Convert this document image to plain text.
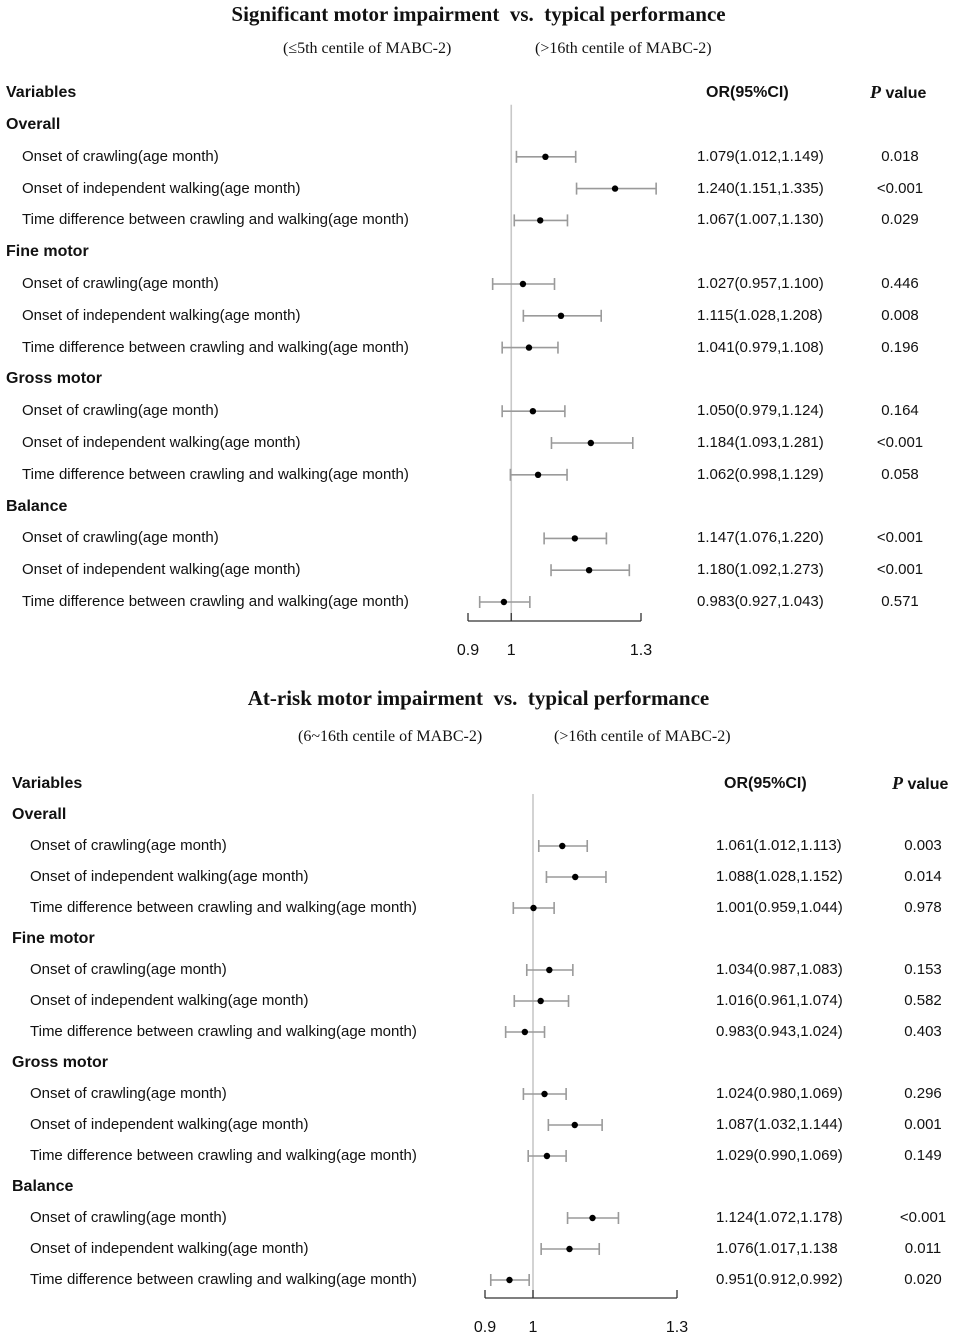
Significant motor impairment  vs.  typical performance
(≤5th centile of MABC-2)	(>16th centile of MABC-2)
Variables	OR(95%CI)	P value
0.9 1	1.3
Overall
Onset of crawling(age month)	1.079(1.012,1.149)	0.018
Onset of independent walking(age month)	1.240(1.151,1.335)	<0.001
Time difference between crawling and walking(age month)	1.067(1.007,1.130)	0.029
Fine motor
Onset of crawling(age month)	1.027(0.957,1.100)	0.446
Onset of independent walking(age month)	1.115(1.028,1.208)	0.008
Time difference between crawling and walking(age month)	1.041(0.979,1.108)	0.196
Gross motor
Onset of crawling(age month)	1.050(0.979,1.124)	0.164
Onset of independent walking(age month)	1.184(1.093,1.281)	<0.001
Time difference between crawling and walking(age month)	1.062(0.998,1.129)	0.058
Balance
Onset of crawling(age month)	1.147(1.076,1.220)	<0.001
Onset of independent walking(age month)	1.180(1.092,1.273)	<0.001
Time difference between crawling and walking(age month)	0.983(0.927,1.043)	0.571
At-risk motor impairment  vs.  typical performance
(6~16th centile of MABC-2)	(>16th centile of MABC-2)
Variables	OR(95%CI)	P value
0.9 1	1.3
Overall
Onset of crawling(age month)	1.061(1.012,1.113)	0.003
Onset of independent walking(age month)	1.088(1.028,1.152)	0.014
Time difference between crawling and walking(age month)	1.001(0.959,1.044)	0.978
Fine motor
Onset of crawling(age month)	1.034(0.987,1.083)	0.153
Onset of independent walking(age month)	1.016(0.961,1.074)	0.582
Time difference between crawling and walking(age month)	0.983(0.943,1.024)	0.403
Gross motor
Onset of crawling(age month)	1.024(0.980,1.069)	0.296
Onset of independent walking(age month)	1.087(1.032,1.144)	0.001
Time difference between crawling and walking(age month)	1.029(0.990,1.069)	0.149
Balance
Onset of crawling(age month)	1.124(1.072,1.178)	<0.001
Onset of independent walking(age month)	1.076(1.017,1.138	0.011
Time difference between crawling and walking(age month)	0.951(0.912,0.992)	0.020
